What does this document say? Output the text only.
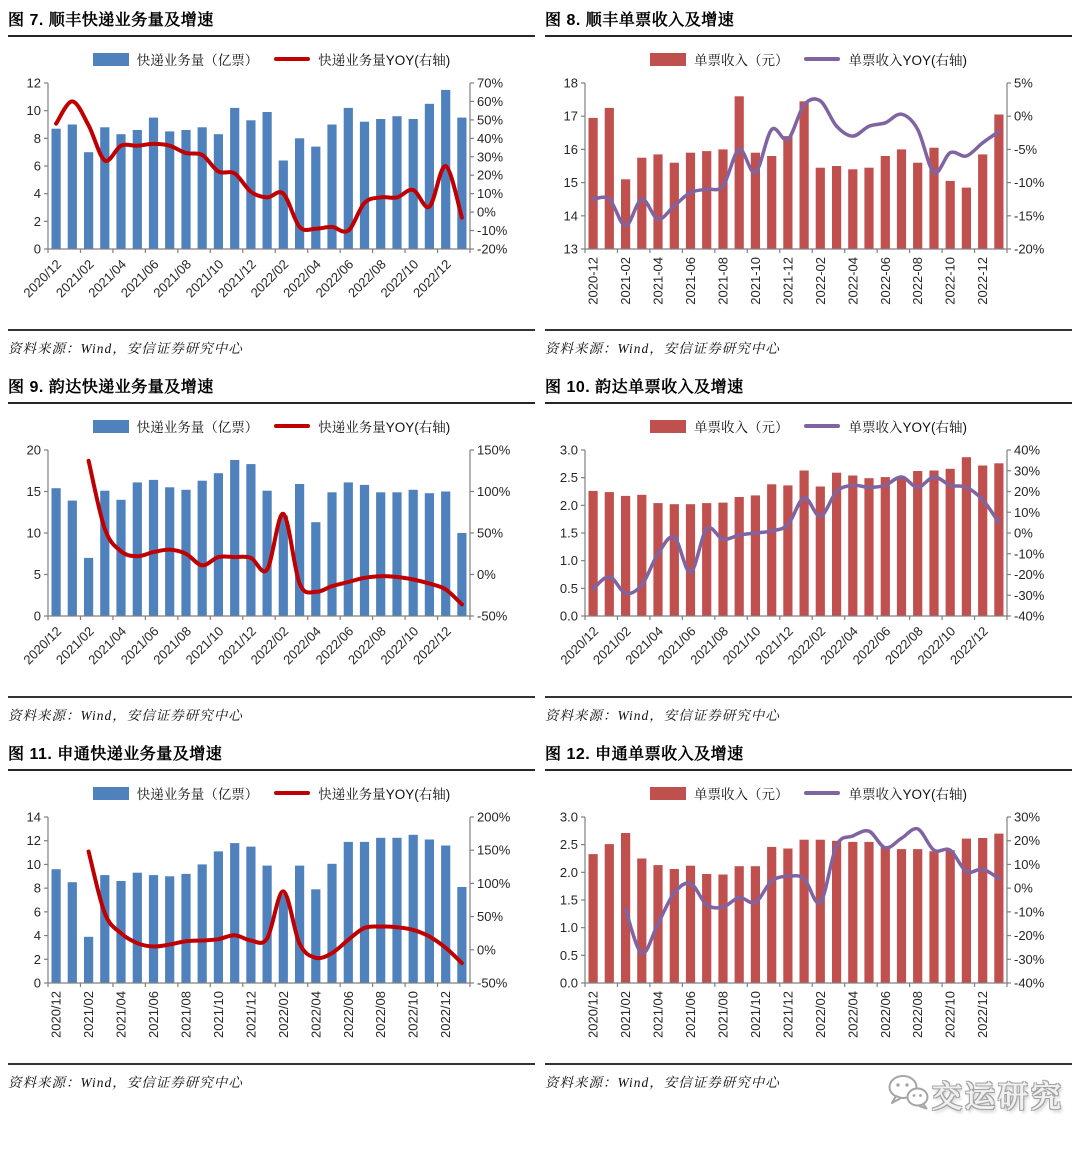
图 7. 顺丰快递业务量及增速
快递业务量（亿票）	快递业务量YOY(右轴)
0
2
4
6
8
10
12
-20%
-10%
0%
10%
20%
30%
40%
50%
60%
70%
2020/12
2021/02
2021/04
2021/06
2021/08
2021/10
2021/12
2022/02
2022/04
2022/06
2022/08
2022/10
2022/12

资料来源：Wind，安信证券研究中心

图 8. 顺丰单票收入及增速
单票收入（元）	单票收入YOY(右轴)
13
14
15
16
17
18
-20%
-15%
-10%
-5%
0%
5%
2020-12 2021-02 2021-04 2021-06 2021-08 2021-10 2021-12 2022-02 2022-04 2022-06 2022-08 2022-10 2022-12

资料来源：Wind，安信证券研究中心

图 9. 韵达快递业务量及增速
快递业务量（亿票）	快递业务量YOY(右轴)
0
5
10
15
20
-50%
0%
50%
100%
150%
2020/12
2021/02
2021/04
2021/06
2021/08
2021/10
2021/12
2022/02
2022/04
2022/06
2022/08
2022/10
2022/12

资料来源：Wind，安信证券研究中心

图 10. 韵达单票收入及增速
单票收入（元）	单票收入YOY(右轴)
0.0
0.5
1.0
1.5
2.0
2.5
3.0
-40%
-30%
-20%
-10%
0%
10%
20%
30%
40%
2020/12
2021/02
2021/04
2021/06
2021/08
2021/10
2021/12
2022/02
2022/04
2022/06
2022/08
2022/10
2022/12

资料来源：Wind，安信证券研究中心

图 11. 申通快递业务量及增速
快递业务量（亿票）	快递业务量YOY(右轴)
0
2
4
6
8
10
12
14
-50%
0%
50%
100%
150%
200%
2020/12 2021/02 2021/04 2021/06 2021/08 2021/10 2021/12 2022/02 2022/04 2022/06 2022/08 2022/10 2022/12

资料来源：Wind，安信证券研究中心

图 12. 申通单票收入及增速
单票收入（元）	单票收入YOY(右轴)
0.0
0.5
1.0
1.5
2.0
2.5
3.0
-40%
-30%
-20%
-10%
0%
10%
20%
30%
2020/12 2021/02 2021/04 2021/06 2021/08 2021/10 2021/12 2022/02 2022/04 2022/06 2022/08 2022/10 2022/12

资料来源：Wind，安信证券研究中心	交运研究
